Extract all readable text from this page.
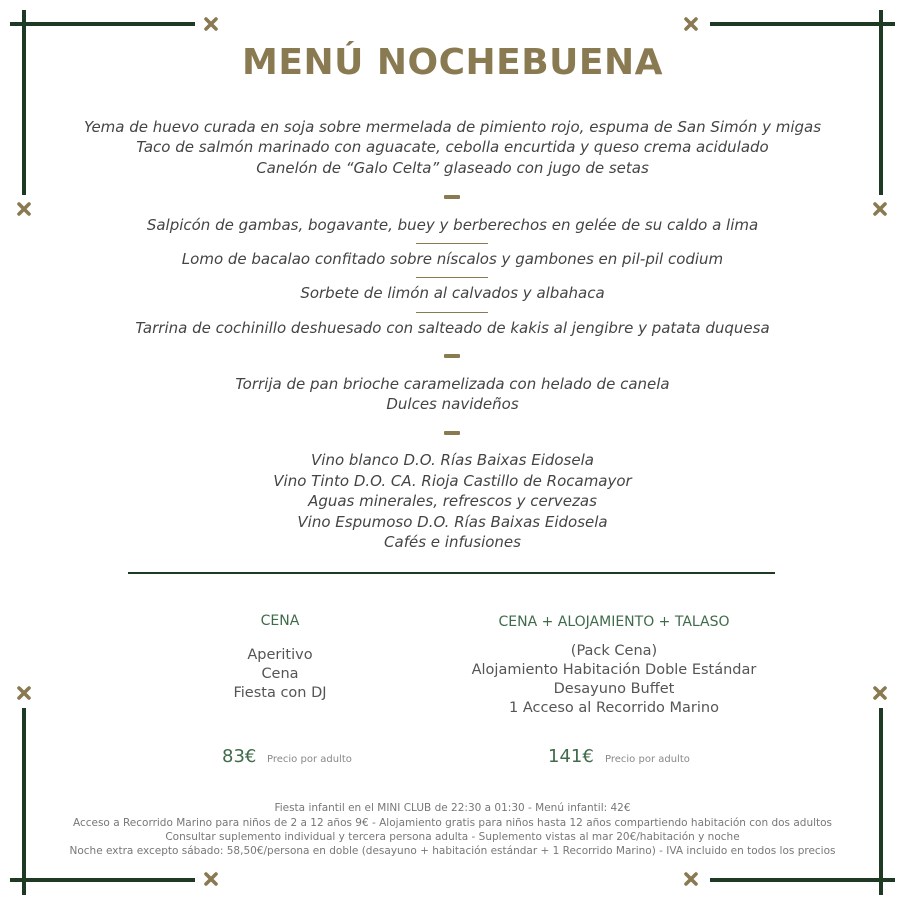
MENÚ NOCHEBUENA
Yema de huevo curada en soja sobre mermelada de pimiento rojo, espuma de San Simón y migas
Taco de salmón marinado con aguacate, cebolla encurtida y queso crema acidulado
Canelón de “Galo Celta” glaseado con jugo de setas
Salpicón de gambas, bogavante, buey y berberechos en gelée de su caldo a lima
Lomo de bacalao confitado sobre níscalos y gambones en pil-pil codium
Sorbete de limón al calvados y albahaca
Tarrina de cochinillo deshuesado con salteado de kakis al jengibre y patata duquesa
Torrija de pan brioche caramelizada con helado de canela
Dulces navideños
Vino blanco D.O. Rías Baixas Eidosela
Vino Tinto D.O. CA. Rioja Castillo de Rocamayor
Aguas minerales, refrescos y cervezas
Vino Espumoso D.O. Rías Baixas Eidosela
Cafés e infusiones
CENA
Aperitivo
Cena
Fiesta con DJ
83€ Precio por adulto
CENA + ALOJAMIENTO + TALASO
(Pack Cena)
Alojamiento Habitación Doble Estándar
Desayuno Buffet
1 Acceso al Recorrido Marino
141€ Precio por adulto
Fiesta infantil en el MINI CLUB de 22:30 a 01:30 - Menú infantil: 42€
Acceso a Recorrido Marino para niños de 2 a 12 años 9€ - Alojamiento gratis para niños hasta 12 años compartiendo habitación con dos adultos
Consultar suplemento individual y tercera persona adulta - Suplemento vistas al mar 20€/habitación y noche
Noche extra excepto sábado: 58,50€/persona en doble (desayuno + habitación estándar + 1 Recorrido Marino) - IVA incluido en todos los precios
